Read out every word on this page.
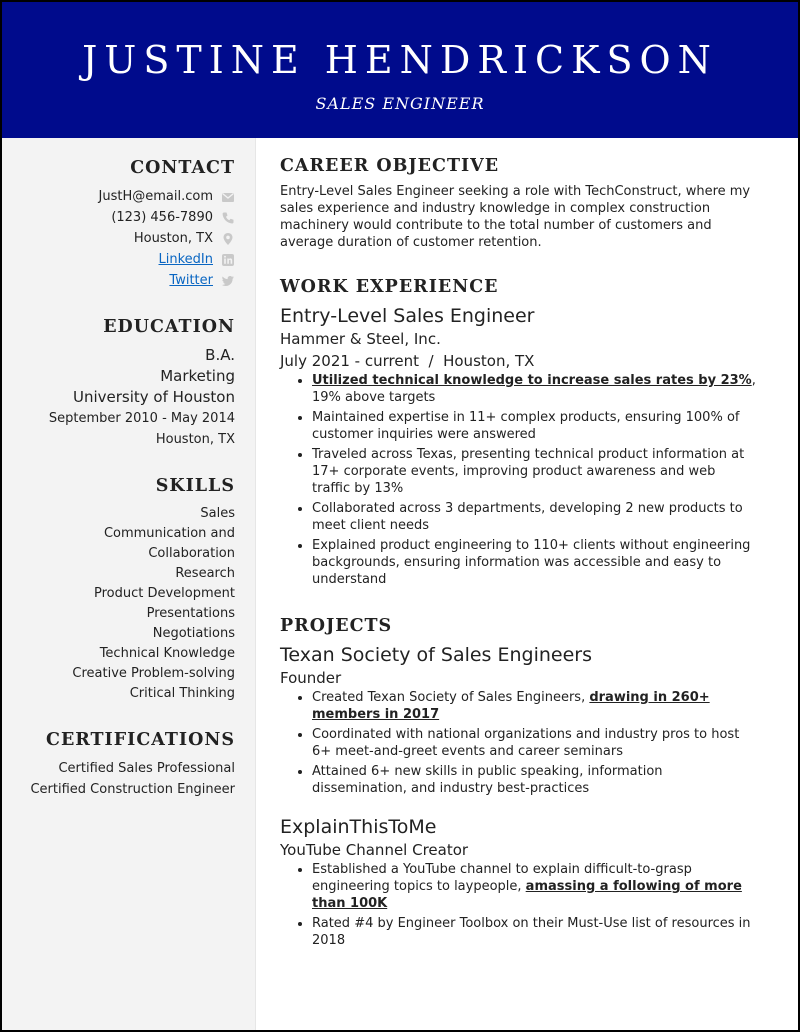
JUSTINE HENDRICKSON
SALES ENGINEER
CONTACT
JustH@email.com
(123) 456-7890
Houston, TX
LinkedIn
Twitter
EDUCATION
B.A.
Marketing
University of Houston
September 2010 - May 2014
Houston, TX
SKILLS
Sales
Communication and Collaboration
Research
Product Development
Presentations
Negotiations
Technical Knowledge
Creative Problem-solving
Critical Thinking
CERTIFICATIONS
Certified Sales Professional
Certified Construction Engineer
CAREER OBJECTIVE

Entry-Level Sales Engineer seeking a role with TechConstruct, where my sales experience and industry knowledge in complex construction machinery would contribute to the total number of customers and average duration of customer retention.

WORK EXPERIENCE
Entry-Level Sales Engineer
Hammer & Steel, Inc.
July 2021 - current  /  Houston, TX
• Utilized technical knowledge to increase sales rates by 23%, 19% above targets
• Maintained expertise in 11+ complex products, ensuring 100% of customer inquiries were answered
• Traveled across Texas, presenting technical product information at 17+ corporate events, improving product awareness and web traffic by 13%
• Collaborated across 3 departments, developing 2 new products to meet client needs
• Explained product engineering to 110+ clients without engineering backgrounds, ensuring information was accessible and easy to understand
PROJECTS
Texan Society of Sales Engineers
Founder
• Created Texan Society of Sales Engineers, drawing in 260+ members in 2017
• Coordinated with national organizations and industry pros to host 6+ meet-and-greet events and career seminars
• Attained 6+ new skills in public speaking, information dissemination, and industry best-practices
ExplainThisToMe
YouTube Channel Creator
• Established a YouTube channel to explain difficult-to-grasp engineering topics to laypeople, amassing a following of more than 100K
• Rated #4 by Engineer Toolbox on their Must-Use list of resources in 2018
